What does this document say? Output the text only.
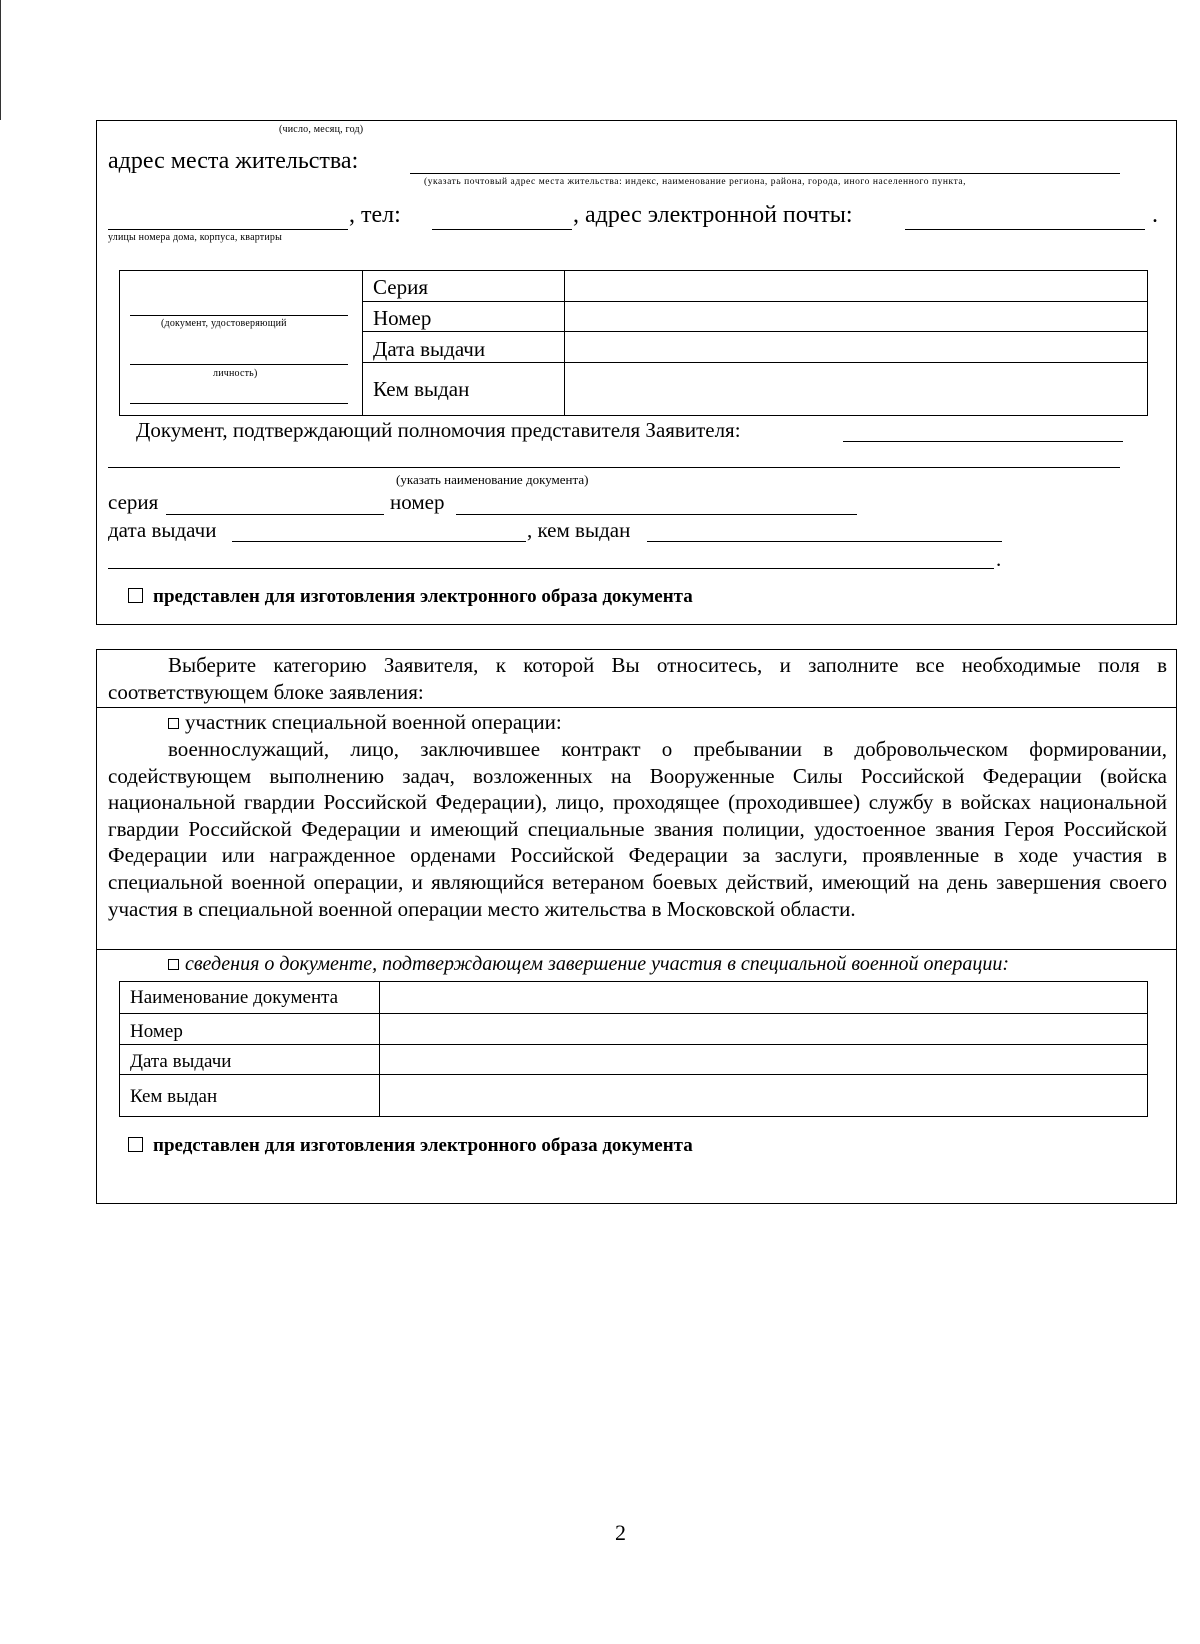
(число, месяц, год)
адрес места жительства:
(указать почтовый адрес места жительства: индекс, наименование региона, района, города, иного населенного пункта,
, тел:	, адрес электронной почты:	.
улицы номера дома, корпуса, квартиры
(документ, удостоверяющий
личность)
Серия
Номер
Дата выдачи
Кем выдан
Документ, подтверждающий полномочия представителя Заявителя:
(указать наименование документа)
серия	номер
дата выдачи	, кем выдан
.
представлен для изготовления электронного образа документа
Выберите категорию Заявителя, к которой Вы относитесь, и заполните все необходимые поля в соответствующем блоке заявления:
участник специальной военной операции:
военнослужащий, лицо, заключившее контракт о пребывании в добровольческом формировании, содействующем выполнению задач, возложенных на Вооруженные Силы Российской Федерации (войска национальной гвардии Российской Федерации), лицо, проходящее (проходившее) службу в войсках национальной гвардии Российской Федерации и имеющий специальные звания полиции, удостоенное звания Героя Российской Федерации или награжденное орденами Российской Федерации за заслуги, проявленные в ходе участия в специальной военной операции, и являющийся ветераном боевых действий, имеющий на день завершения своего участия в специальной военной операции место жительства в Московской области.
сведения о документе, подтверждающем завершение участия в специальной военной операции:
Наименование документа
Номер
Дата выдачи
Кем выдан
представлен для изготовления электронного образа документа
2
